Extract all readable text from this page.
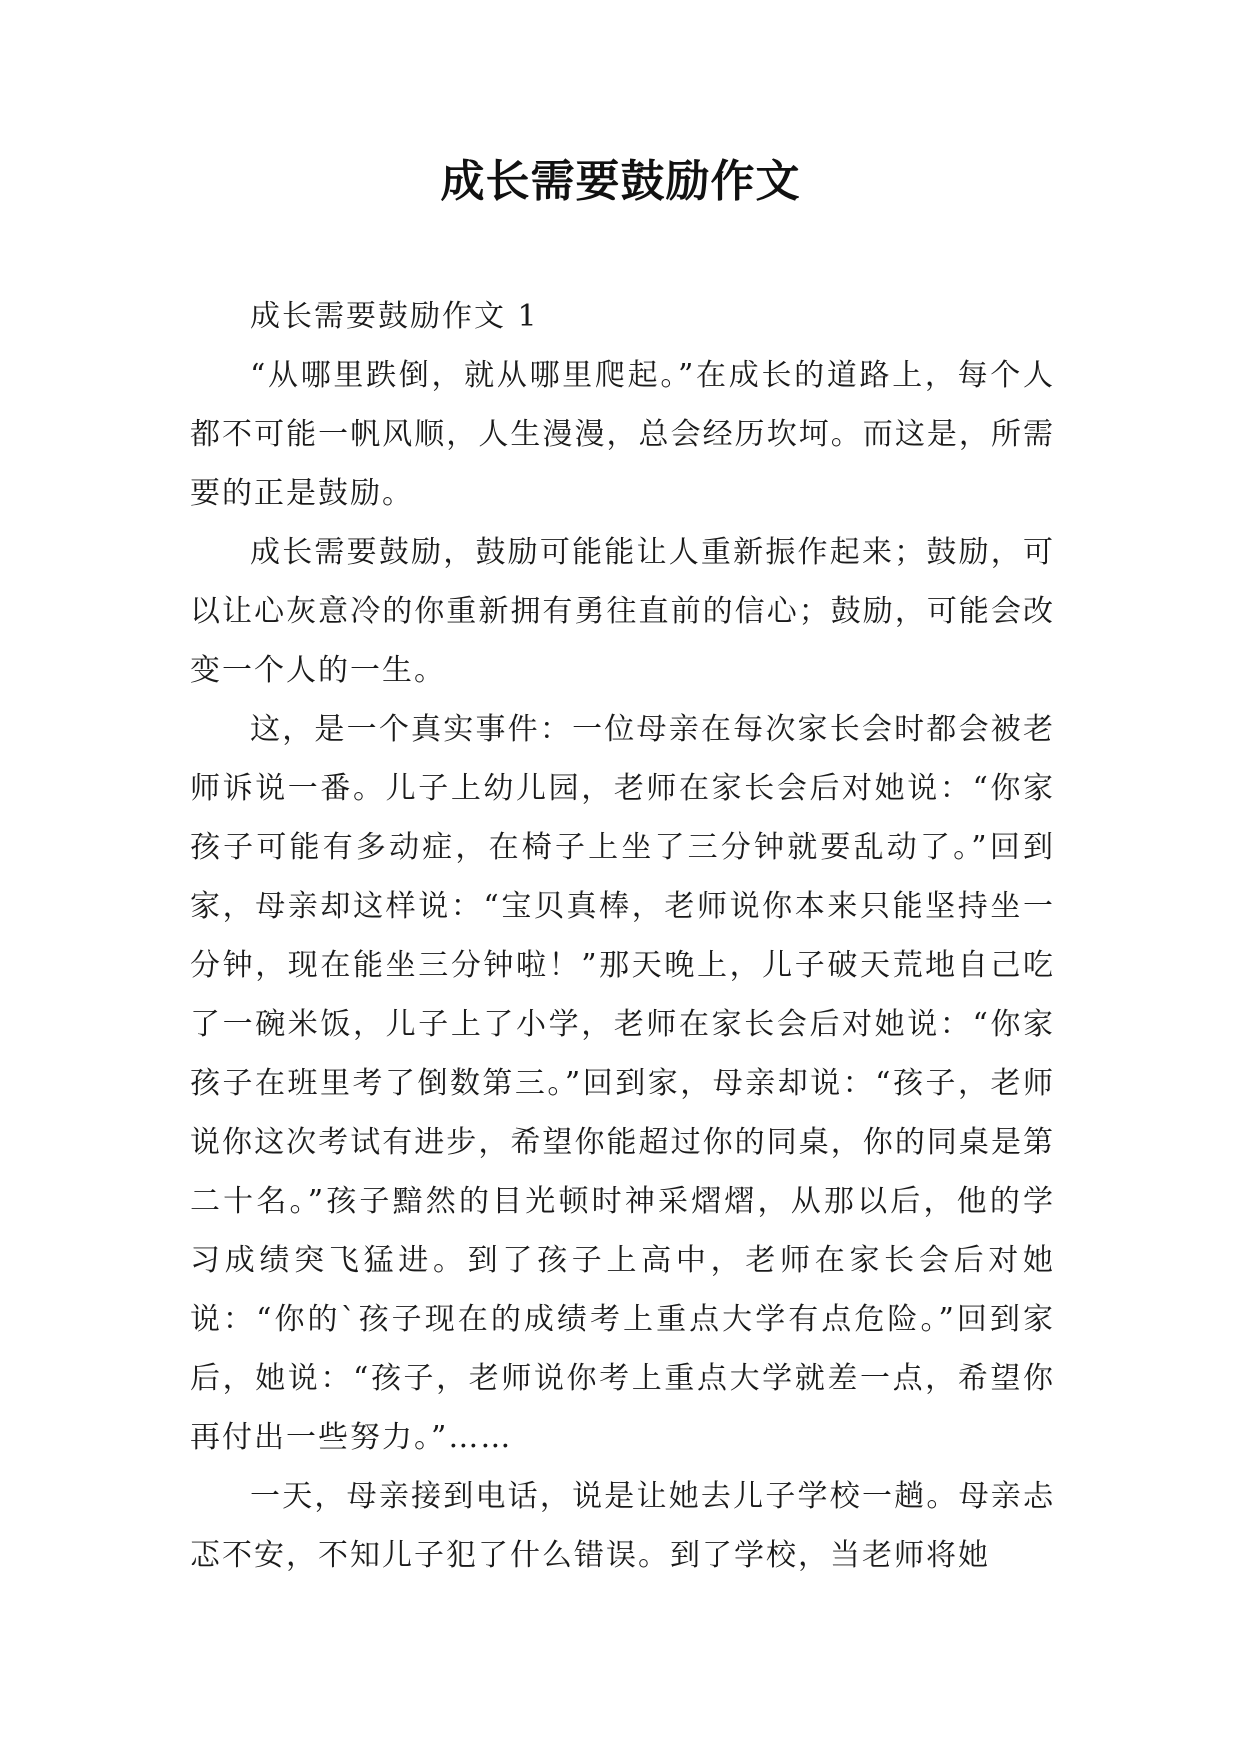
成长需要鼓励作文

成长需要鼓励作文 1

“从哪里跌倒，就从哪里爬起。”在成长的道路上，每个人都不可能一帆风顺，人生漫漫，总会经历坎坷。而这是，所需要的正是鼓励。

成长需要鼓励，鼓励可能能让人重新振作起来；鼓励，可以让心灰意冷的你重新拥有勇往直前的信心；鼓励，可能会改变一个人的一生。

这，是一个真实事件：一位母亲在每次家长会时都会被老师诉说一番。儿子上幼儿园，老师在家长会后对她说：“你家孩子可能有多动症，在椅子上坐了三分钟就要乱动了。”回到家，母亲却这样说：“宝贝真棒，老师说你本来只能坚持坐一分钟，现在能坐三分钟啦！”那天晚上，儿子破天荒地自己吃了一碗米饭，儿子上了小学，老师在家长会后对她说：“你家孩子在班里考了倒数第三。”回到家，母亲却说：“孩子，老师说你这次考试有进步，希望你能超过你的同桌，你的同桌是第二十名。”孩子黯然的目光顿时神采熠熠，从那以后，他的学习成绩突飞猛进。到了孩子上高中，老师在家长会后对她说：“你的`孩子现在的成绩考上重点大学有点危险。”回到家后，她说：“孩子，老师说你考上重点大学就差一点，希望你再付出一些努力。”……

一天，母亲接到电话，说是让她去儿子学校一趟。母亲忐忑不安，不知儿子犯了什么错误。到了学校，当老师将她
